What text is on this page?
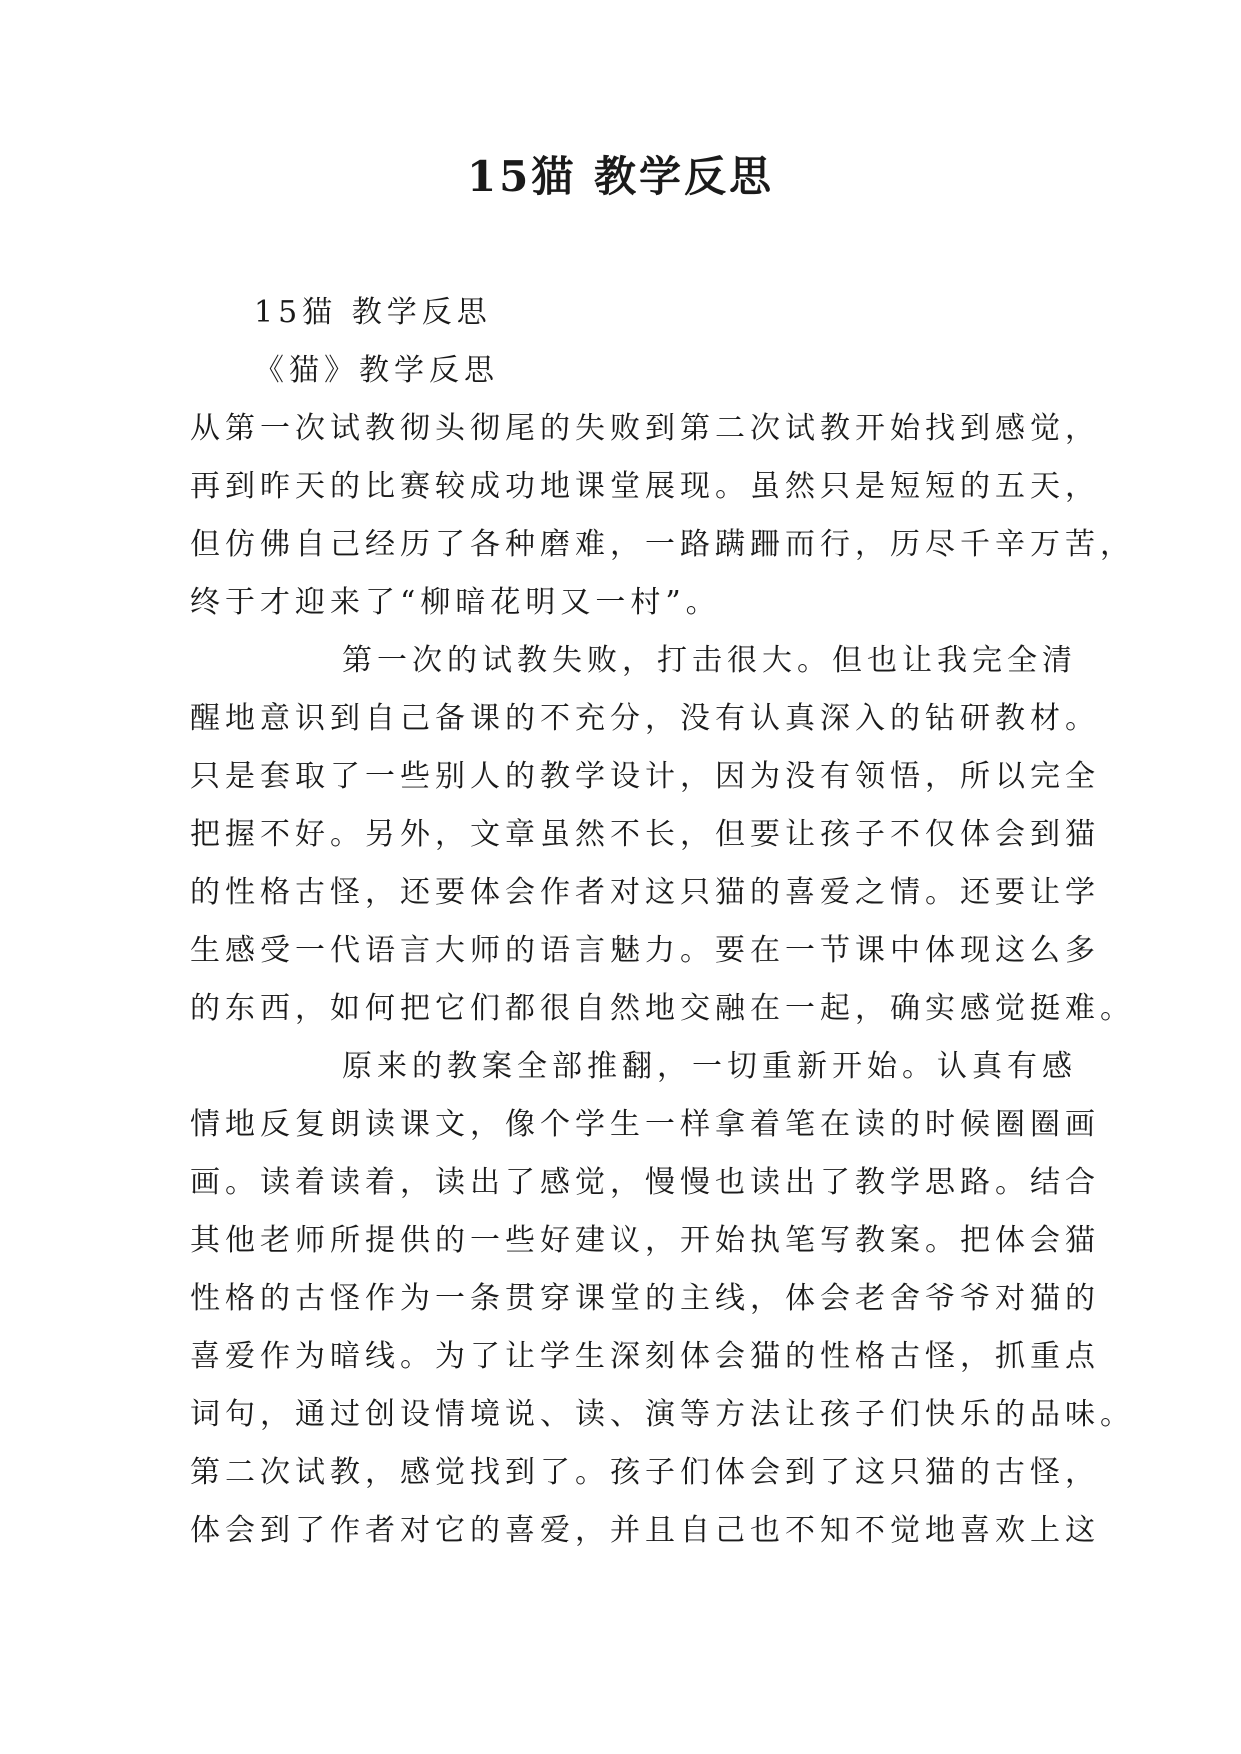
15猫 教学反思
15猫 教学反思
《猫》教学反思
从第一次试教彻头彻尾的失败到第二次试教开始找到感觉，
再到昨天的比赛较成功地课堂展现。虽然只是短短的五天，
但仿佛自己经历了各种磨难，一路蹒跚而行，历尽千辛万苦，
终于才迎来了“柳暗花明又一村”。
第一次的试教失败，打击很大。但也让我完全清
醒地意识到自己备课的不充分，没有认真深入的钻研教材。
只是套取了一些别人的教学设计，因为没有领悟，所以完全
把握不好。另外，文章虽然不长，但要让孩子不仅体会到猫
的性格古怪，还要体会作者对这只猫的喜爱之情。还要让学
生感受一代语言大师的语言魅力。要在一节课中体现这么多
的东西，如何把它们都很自然地交融在一起，确实感觉挺难。
原来的教案全部推翻，一切重新开始。认真有感
情地反复朗读课文，像个学生一样拿着笔在读的时候圈圈画
画。读着读着，读出了感觉，慢慢也读出了教学思路。结合
其他老师所提供的一些好建议，开始执笔写教案。把体会猫
性格的古怪作为一条贯穿课堂的主线，体会老舍爷爷对猫的
喜爱作为暗线。为了让学生深刻体会猫的性格古怪，抓重点
词句，通过创设情境说、读、演等方法让孩子们快乐的品味。
第二次试教，感觉找到了。孩子们体会到了这只猫的古怪，
体会到了作者对它的喜爱，并且自己也不知不觉地喜欢上这
